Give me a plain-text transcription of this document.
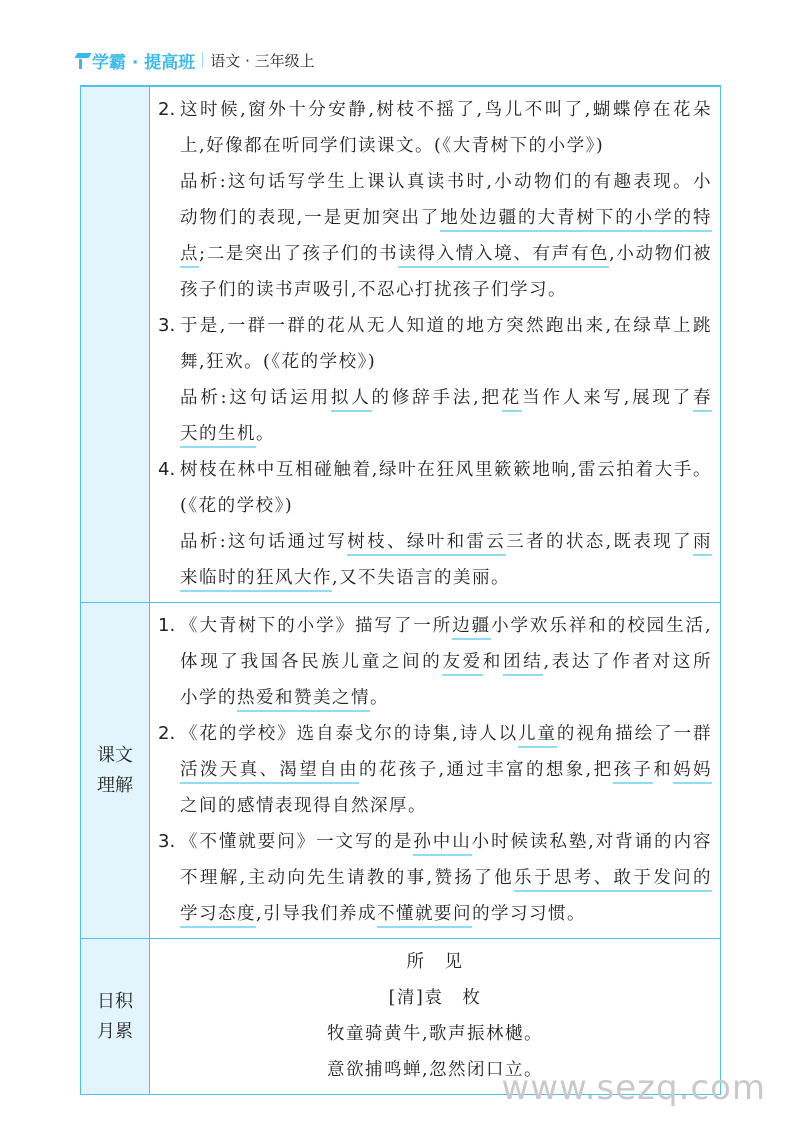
学霸 · 提高班 语文 · 三年级上
2. 这时候,窗外十分安静,树枝不摇了,鸟儿不叫了,蝴蝶停在花朵
上,好像都在听同学们读课文。(《大青树下的小学》)
品析:这句话写学生上课认真读书时,小动物们的有趣表现。小
动物们的表现,一是更加突出了地处边疆的大青树下的小学的特
点;二是突出了孩子们的书读得入情入境、有声有色,小动物们被
孩子们的读书声吸引,不忍心打扰孩子们学习。
3. 于是,一群一群的花从无人知道的地方突然跑出来,在绿草上跳
舞,狂欢。(《花的学校》)
品析:这句话运用拟人的修辞手法,把花当作人来写,展现了春
天的生机。
4. 树枝在林中互相碰触着,绿叶在狂风里簌簌地响,雷云拍着大手。
(《花的学校》)
品析:这句话通过写树枝、绿叶和雷云三者的状态,既表现了雨
来临时的狂风大作,又不失语言的美丽。
课文
理解
1. 《大青树下的小学》描写了一所边疆小学欢乐祥和的校园生活,
体现了我国各民族儿童之间的友爱和团结,表达了作者对这所
小学的热爱和赞美之情。
2. 《花的学校》选自泰戈尔的诗集,诗人以儿童的视角描绘了一群
活泼天真、渴望自由的花孩子,通过丰富的想象,把孩子和妈妈
之间的感情表现得自然深厚。
3. 《不懂就要问》一文写的是孙中山小时候读私塾,对背诵的内容
不理解,主动向先生请教的事,赞扬了他乐于思考、敢于发问的
学习态度,引导我们养成不懂就要问的学习习惯。
日积
月累
所　见
[清]袁　枚
牧童骑黄牛,歌声振林樾。
意欲捕鸣蝉,忽然闭口立。
www.sezq.com
